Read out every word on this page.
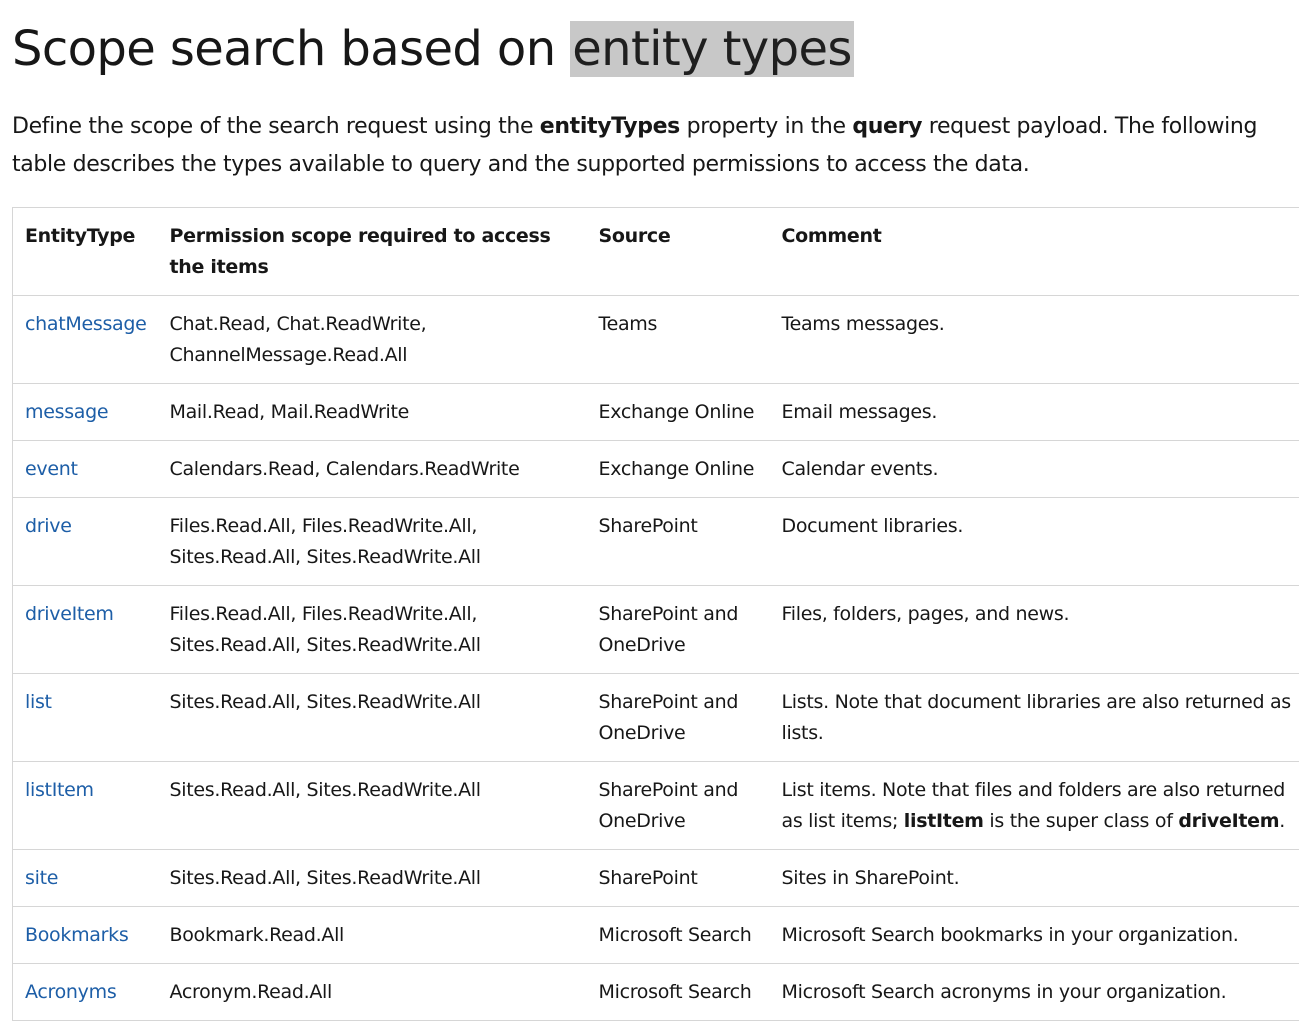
Scope search based on entity types

Define the scope of the search request using the entityTypes property in the query request payload. The following table describes the types available to query and the supported permissions to access the data.

EntityType	Permission scope required to access the items	Source	Comment
chatMessage	Chat.Read, Chat.ReadWrite, ChannelMessage.Read.All	Teams	Teams messages.
message	Mail.Read, Mail.ReadWrite	Exchange Online	Email messages.
event	Calendars.Read, Calendars.ReadWrite	Exchange Online	Calendar events.
drive	Files.Read.All, Files.ReadWrite.All, Sites.Read.All, Sites.ReadWrite.All	SharePoint	Document libraries.
driveItem	Files.Read.All, Files.ReadWrite.All, Sites.Read.All, Sites.ReadWrite.All	SharePoint and OneDrive	Files, folders, pages, and news.
list	Sites.Read.All, Sites.ReadWrite.All	SharePoint and OneDrive	Lists. Note that document libraries are also returned as lists.
listItem	Sites.Read.All, Sites.ReadWrite.All	SharePoint and OneDrive	List items. Note that files and folders are also returned as list items; listItem is the super class of driveItem.
site	Sites.Read.All, Sites.ReadWrite.All	SharePoint	Sites in SharePoint.
Bookmarks	Bookmark.Read.All	Microsoft Search	Microsoft Search bookmarks in your organization.
Acronyms	Acronym.Read.All	Microsoft Search	Microsoft Search acronyms in your organization.
